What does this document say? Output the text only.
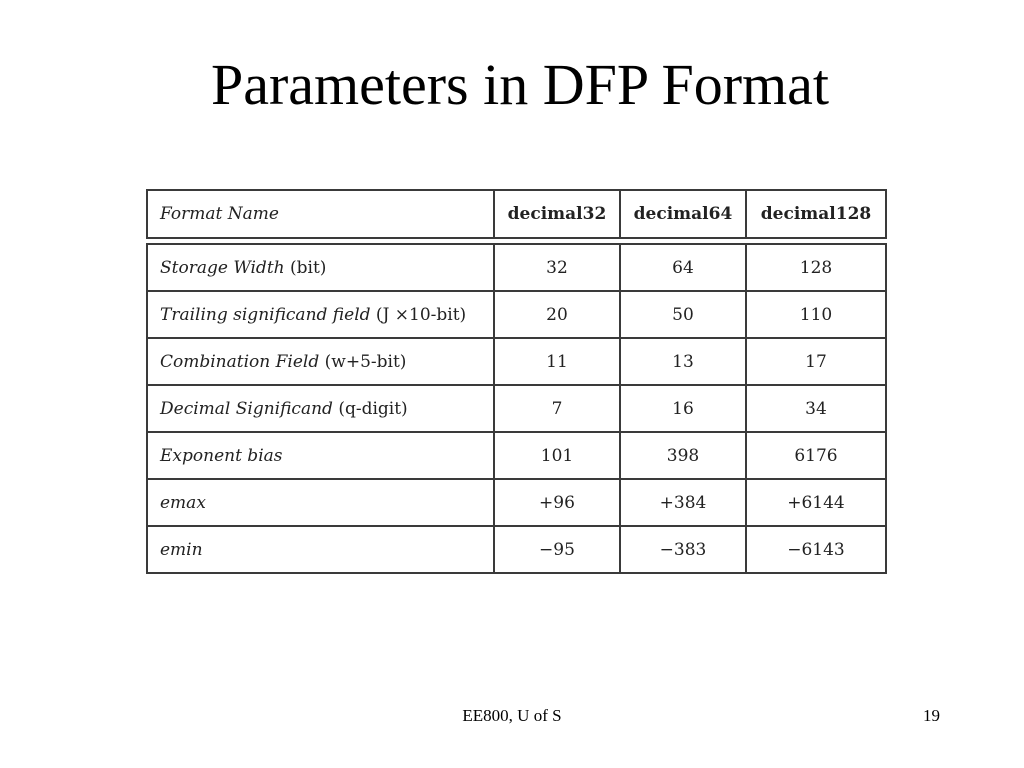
Parameters in DFP Format
Format Name	decimal32	decimal64	decimal128
Storage Width (bit)	32	64	128
Trailing significand field (J ×10-bit)	20	50	110
Combination Field (w+5-bit)	11	13	17
Decimal Significand (q-digit)	7	16	34
Exponent bias	101	398	6176
emax	+96	+384	+6144
emin	−95	−383	−6143
EE800, U of S	19
